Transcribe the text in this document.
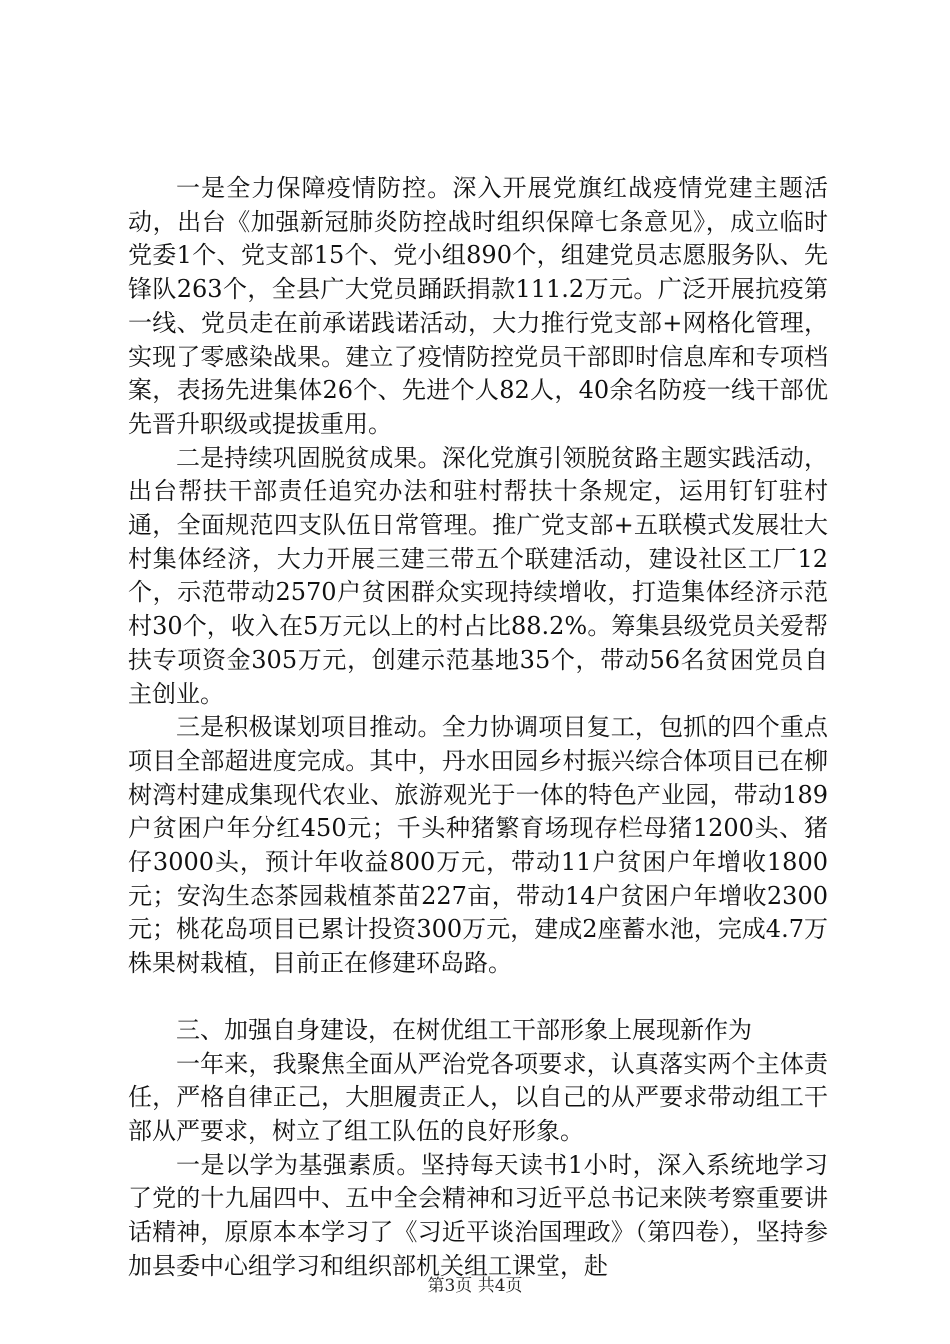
一是全力保障疫情防控。深入开展党旗红战疫情党建主题活动，出台《加强新冠肺炎防控战时组织保障七条意见》，成立临时党委1个、党支部15个、党小组890个，组建党员志愿服务队、先锋队263个，全县广大党员踊跃捐款111.2万元。广泛开展抗疫第一线、党员走在前承诺践诺活动，大力推行党支部+网格化管理，实现了零感染战果。建立了疫情防控党员干部即时信息库和专项档案，表扬先进集体26个、先进个人82人，40余名防疫一线干部优先晋升职级或提拔重用。

二是持续巩固脱贫成果。深化党旗引领脱贫路主题实践活动，出台帮扶干部责任追究办法和驻村帮扶十条规定，运用钉钉驻村通，全面规范四支队伍日常管理。推广党支部+五联模式发展壮大村集体经济，大力开展三建三带五个联建活动，建设社区工厂12个，示范带动2570户贫困群众实现持续增收，打造集体经济示范村30个，收入在5万元以上的村占比88.2%。筹集县级党员关爱帮扶专项资金305万元，创建示范基地35个，带动56名贫困党员自主创业。

三是积极谋划项目推动。全力协调项目复工，包抓的四个重点项目全部超进度完成。其中，丹水田园乡村振兴综合体项目已在柳树湾村建成集现代农业、旅游观光于一体的特色产业园，带动189户贫困户年分红450元；千头种猪繁育场现存栏母猪1200头、猪仔3000头，预计年收益800万元，带动11户贫困户年增收1800元；安沟生态茶园栽植茶苗227亩，带动14户贫困户年增收2300元；桃花岛项目已累计投资300万元，建成2座蓄水池，完成4.7万株果树栽植，目前正在修建环岛路。

三、加强自身建设，在树优组工干部形象上展现新作为

一年来，我聚焦全面从严治党各项要求，认真落实两个主体责任，严格自律正己，大胆履责正人，以自己的从严要求带动组工干部从严要求，树立了组工队伍的良好形象。

一是以学为基强素质。坚持每天读书1小时，深入系统地学习了党的十九届四中、五中全会精神和习近平总书记来陕考察重要讲话精神，原原本本学习了《习近平谈治国理政》（第四卷），坚持参加县委中心组学习和组织部机关组工课堂，赴

第3页 共4页
